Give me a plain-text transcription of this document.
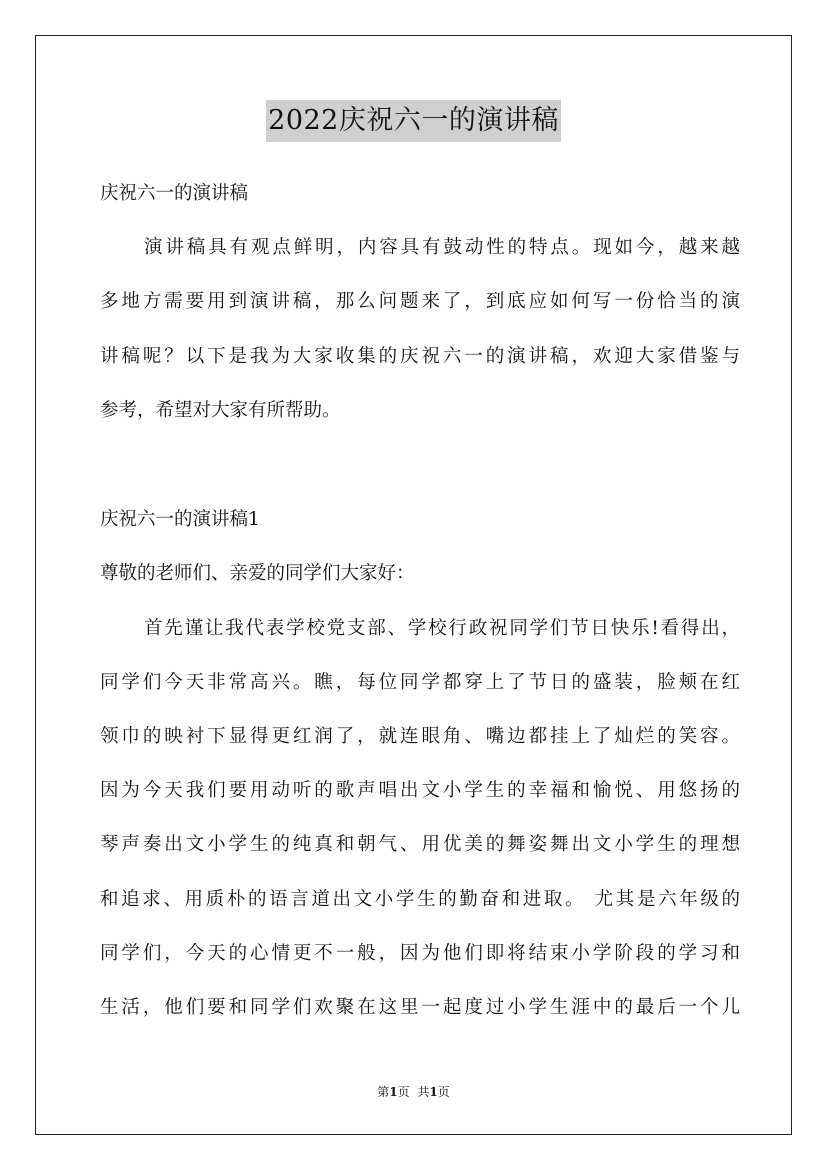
2022庆祝六一的演讲稿
庆祝六一的演讲稿
演讲稿具有观点鲜明，内容具有鼓动性的特点。现如今，越来越
多地方需要用到演讲稿，那么问题来了，到底应如何写一份恰当的演
讲稿呢？以下是我为大家收集的庆祝六一的演讲稿，欢迎大家借鉴与
参考，希望对大家有所帮助。
庆祝六一的演讲稿1
尊敬的老师们、亲爱的同学们大家好：
首先谨让我代表学校党支部、学校行政祝同学们节日快乐!看得出，
同学们今天非常高兴。瞧，每位同学都穿上了节日的盛装，脸颊在红
领巾的映衬下显得更红润了，就连眼角、嘴边都挂上了灿烂的笑容。
因为今天我们要用动听的歌声唱出文小学生的幸福和愉悦、用悠扬的
琴声奏出文小学生的纯真和朝气、用优美的舞姿舞出文小学生的理想
和追求、用质朴的语言道出文小学生的勤奋和进取。 尤其是六年级的
同学们，今天的心情更不一般，因为他们即将结束小学阶段的学习和
生活，他们要和同学们欢聚在这里一起度过小学生涯中的最后一个儿
第1页 共1页
